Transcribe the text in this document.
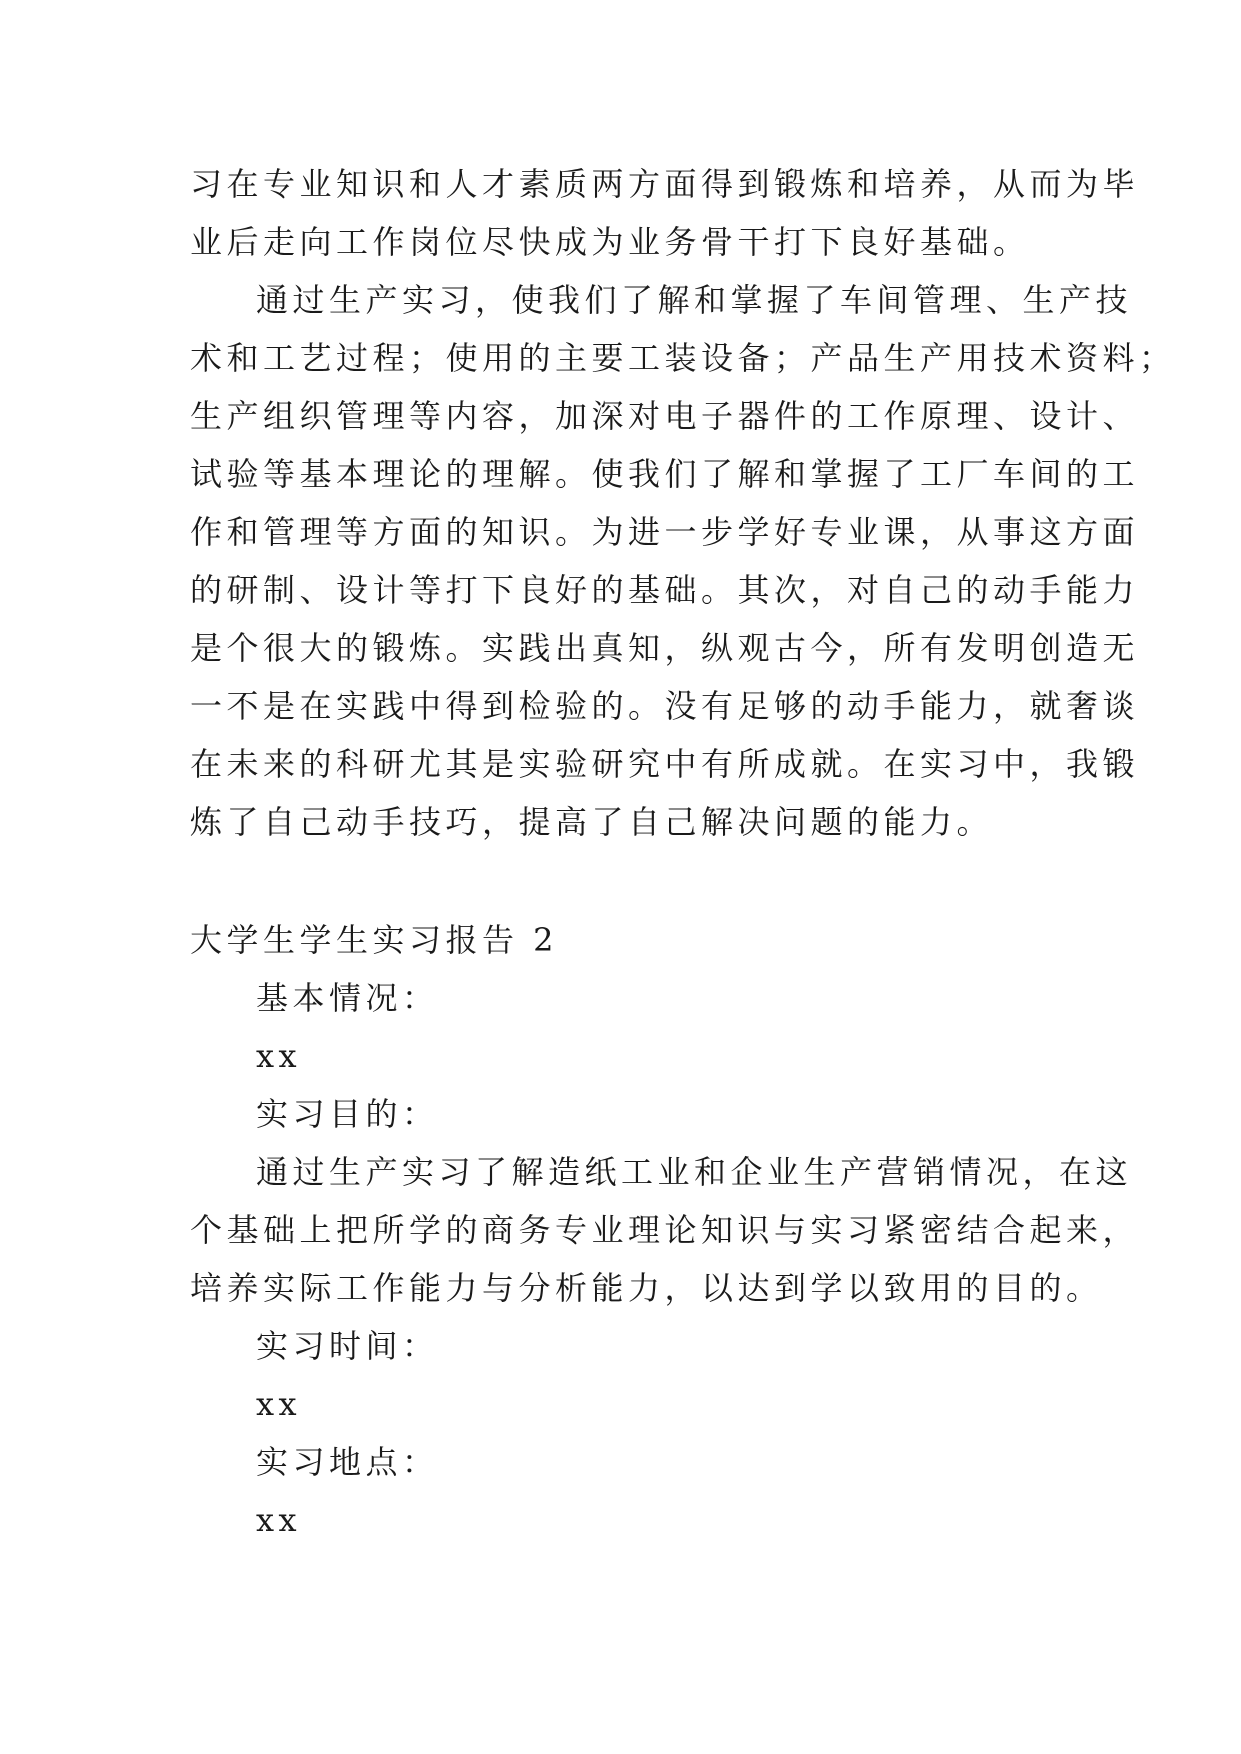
习在专业知识和人才素质两方面得到锻炼和培养，从而为毕
业后走向工作岗位尽快成为业务骨干打下良好基础。
通过生产实习，使我们了解和掌握了车间管理、生产技
术和工艺过程；使用的主要工装设备；产品生产用技术资料；
生产组织管理等内容，加深对电子器件的工作原理、设计、
试验等基本理论的理解。使我们了解和掌握了工厂车间的工
作和管理等方面的知识。为进一步学好专业课，从事这方面
的研制、设计等打下良好的基础。其次，对自己的动手能力
是个很大的锻炼。实践出真知，纵观古今，所有发明创造无
一不是在实践中得到检验的。没有足够的动手能力，就奢谈
在未来的科研尤其是实验研究中有所成就。在实习中，我锻
炼了自己动手技巧，提高了自己解决问题的能力。
大学生学生实习报告 2
基本情况：
xx
实习目的：
通过生产实习了解造纸工业和企业生产营销情况，在这
个基础上把所学的商务专业理论知识与实习紧密结合起来，
培养实际工作能力与分析能力，以达到学以致用的目的。
实习时间：
xx
实习地点：
xx
